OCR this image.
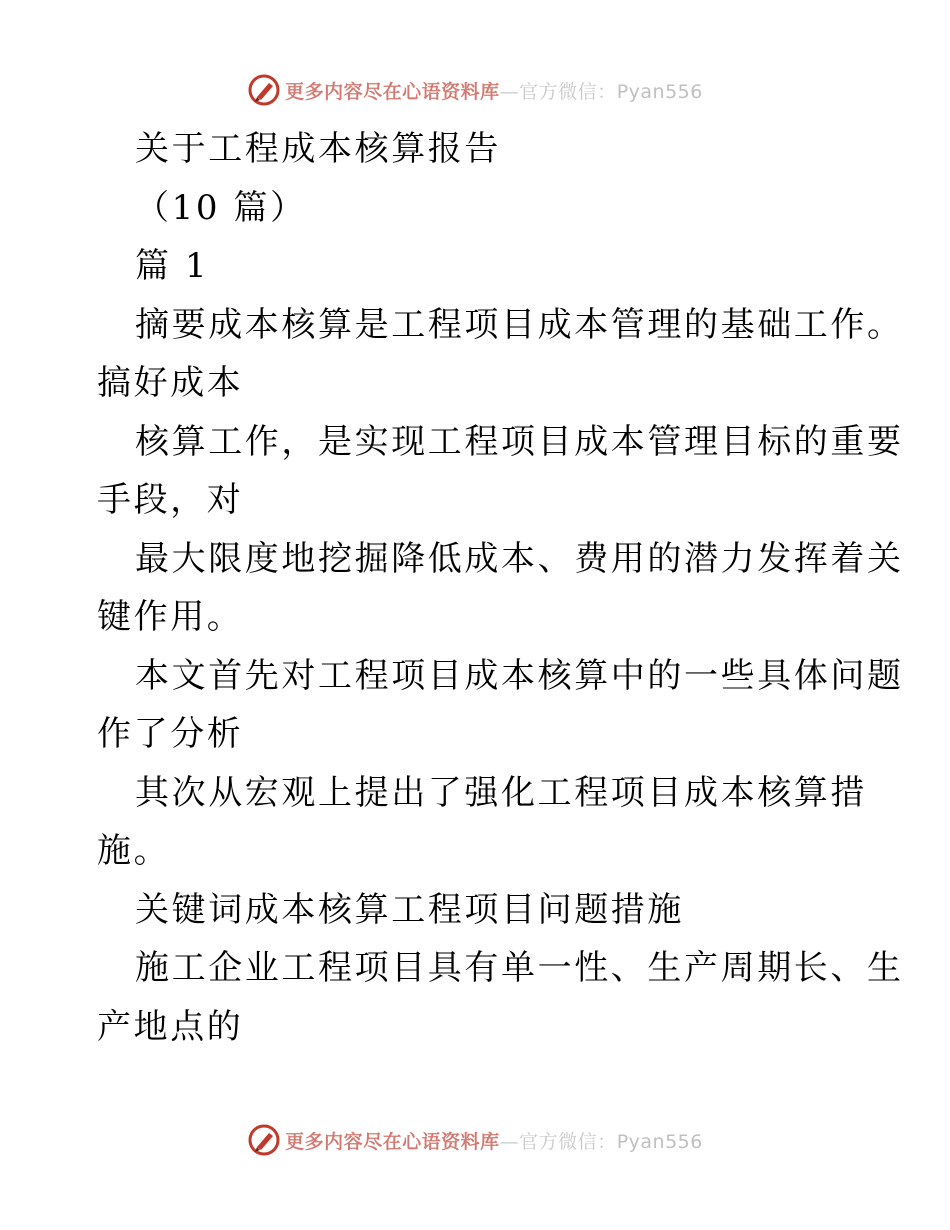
更多内容尽在心语资料库—官方微信：Pyan556
关于工程成本核算报告
（10 篇）
篇 1
摘要成本核算是工程项目成本管理的基础工作。
搞好成本
核算工作，是实现工程项目成本管理目标的重要
手段，对
最大限度地挖掘降低成本、费用的潜力发挥着关
键作用。
本文首先对工程项目成本核算中的一些具体问题
作了分析
其次从宏观上提出了强化工程项目成本核算措
施。
关键词成本核算工程项目问题措施
施工企业工程项目具有单一性、生产周期长、生
产地点的
更多内容尽在心语资料库—官方微信：Pyan556
